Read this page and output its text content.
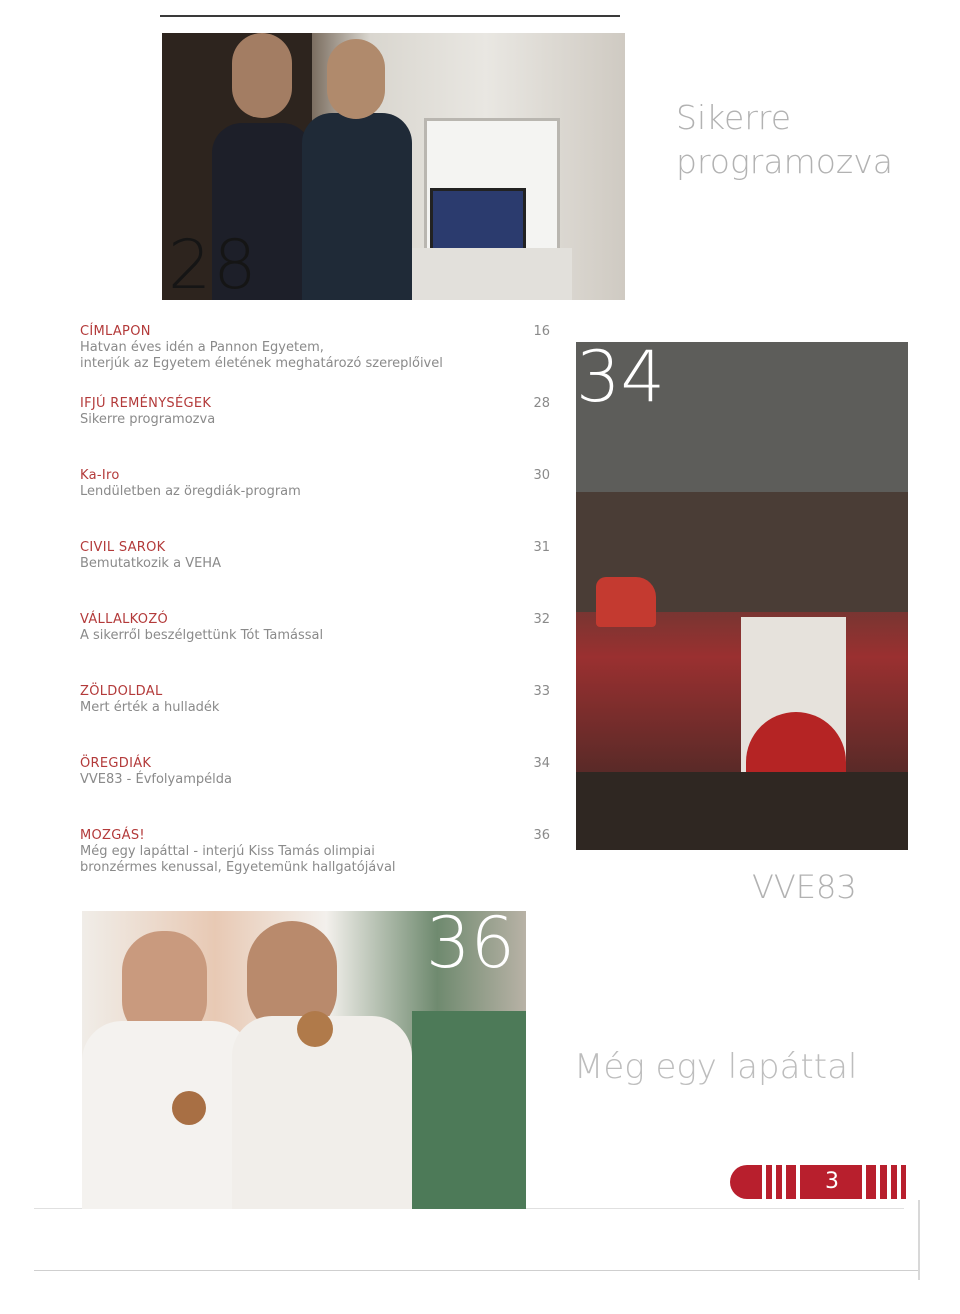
28
Sikerre programozva
34
VVE83
CÍMLAPON
Hatvan éves idén a Pannon Egyetem,
interjúk az Egyetem életének meghatározó szereplőivel
16
IFJÚ REMÉNYSÉGEK
Sikerre programozva
28
Ka-Iro
Lendületben az öregdiák-program
30
CIVIL SAROK
Bemutatkozik a VEHA
31
VÁLLALKOZÓ
A sikerről beszélgettünk Tót Tamással
32
ZÖLDOLDAL
Mert érték a hulladék
33
ÖREGDIÁK
VVE83 - Évfolyampélda
34
MOZGÁS!
Még egy lapáttal - interjú Kiss Tamás olimpiai
bronzérmes kenussal, Egyetemünk hallgatójával
36
36
Még egy lapáttal
3
